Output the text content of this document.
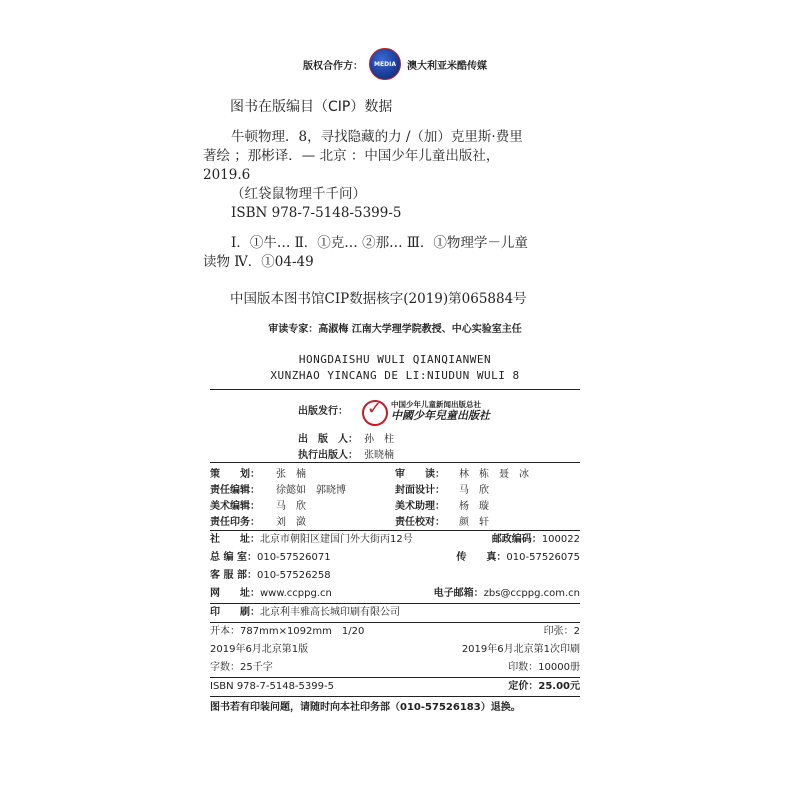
版权合作方： MEDIA 澳大利亚米酷传媒
图书在版编目（CIP）数据

牛顿物理．8，寻找隐藏的力 /（加）克里斯·费里

著绘 ；那彬译．— 北京 ：中国少年儿童出版社，

2019.6

（红袋鼠物理千千问）

ISBN 978-7-5148-5399-5

Ⅰ．①牛… Ⅱ．①克… ②那… Ⅲ．①物理学－儿童
读物 Ⅳ．①04-49
中国版本图书馆CIP数据核字(2019)第065884号
审读专家：高淑梅 江南大学理学院教授、中心实验室主任
HONGDAISHU WULI QIANQIANWEN
XUNZHAO YINCANG DE LI:NIUDUN WULI 8
出版发行： ✓ 中国少年儿童新闻出版总社
中國少年兒童出版社
出　版　人： 孙　柱
执行出版人： 张晓楠
策　　划：	张　楠	审　　读：	林　栋　聂　冰
责任编辑：	徐懿如　郭晓博	封面设计：	马　欣
美术编辑：	马　欣	美术助理：	杨　璇
责任印务：	刘　潋	责任校对：	颜　轩
社　　址：北京市朝阳区建国门外大街丙12号	邮政编码：100022
总 编 室：010-57526071	传　　真：010-57526075
客 服 部： 010-57526258
网　　址：www.ccppg.cn	电子邮箱：zbs@ccppg.com.cn
印　　刷： 北京利丰雅高长城印刷有限公司
开本：787mm×1092mm　1/20	印张：2
2019年6月北京第1版	2019年6月北京第1次印刷
字数：25千字	印数：10000册
ISBN 978-7-5148-5399-5	定价：25.00元
图书若有印装问题，请随时向本社印务部（010-57526183）退换。
